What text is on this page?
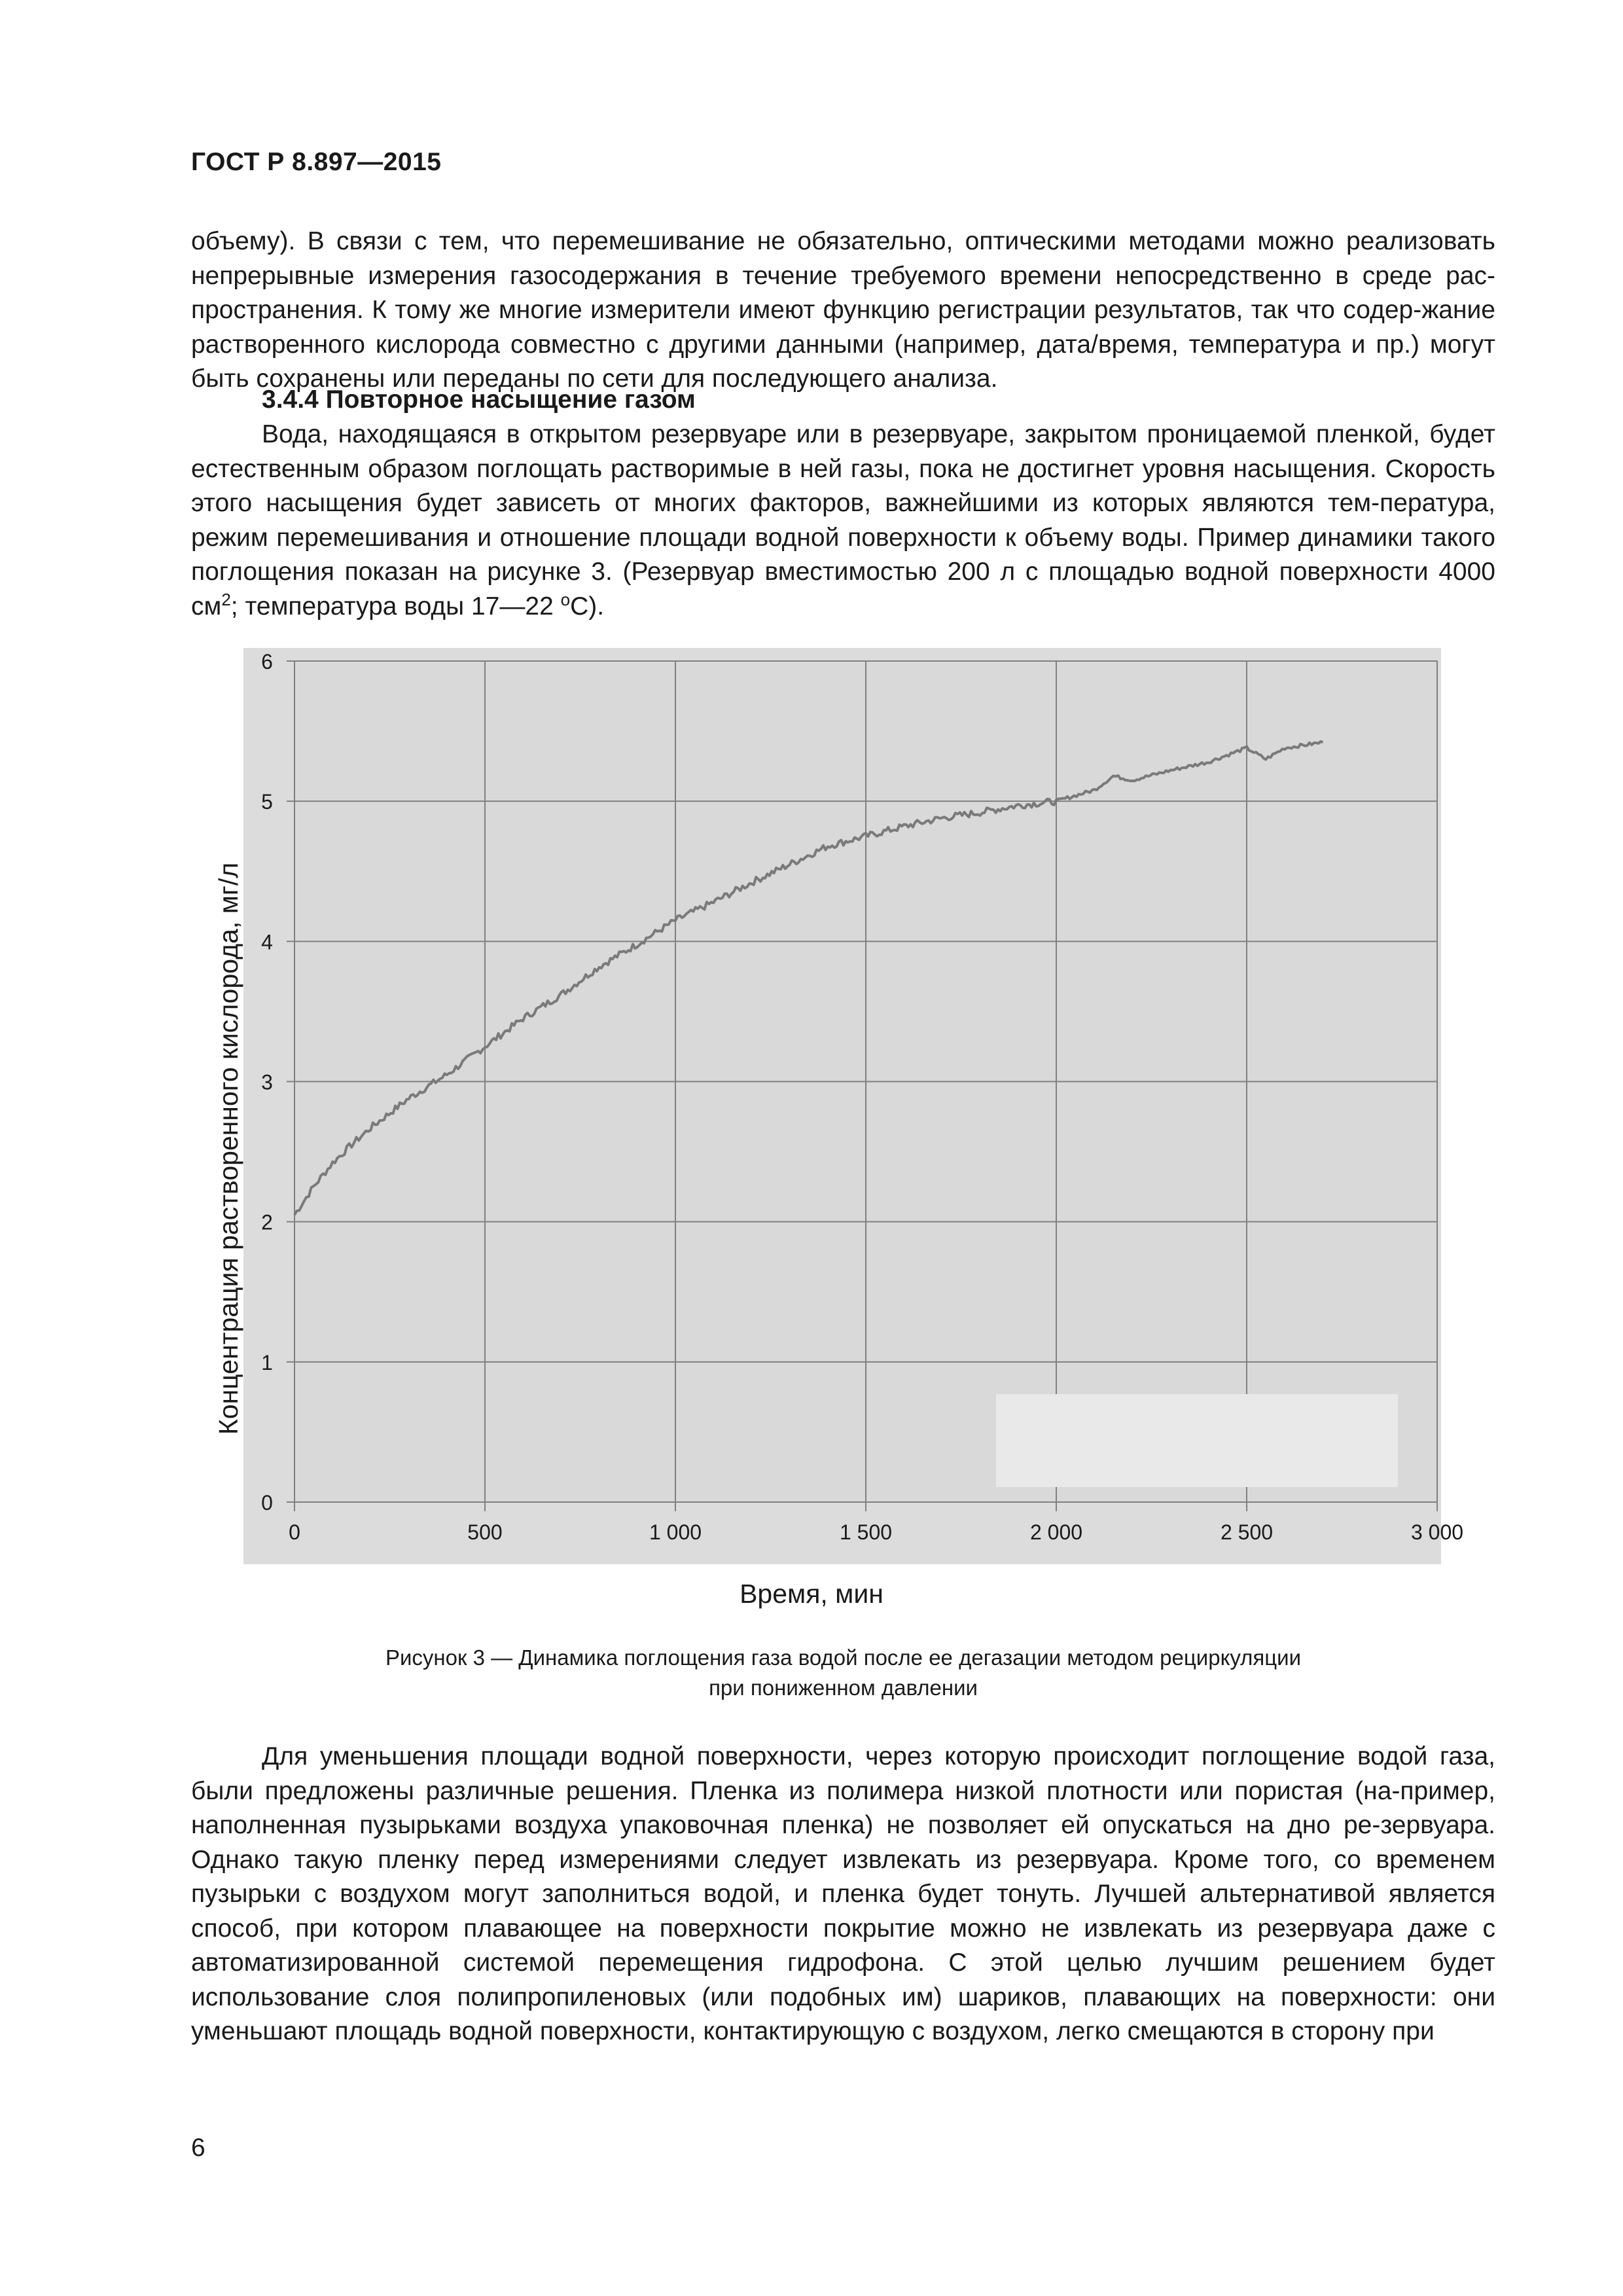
ГОСТ Р 8.897—2015

объему). В связи с тем, что перемешивание не обязательно, оптическими методами можно реализовать непрерывные измерения газосодержания в течение требуемого времени непосредственно в среде рас-пространения. К тому же многие измерители имеют функцию регистрации результатов, так что содер-жание растворенного кислорода совместно с другими данными (например, дата/время, температура и пр.) могут быть сохранены или переданы по сети для последующего анализа.

3.4.4 Повторное насыщение газом

Вода, находящаяся в открытом резервуаре или в резервуаре, закрытом проницаемой пленкой, будет естественным образом поглощать растворимые в ней газы, пока не достигнет уровня насыщения. Скорость этого насыщения будет зависеть от многих факторов, важнейшими из которых являются тем-пература, режим перемешивания и отношение площади водной поверхности к объему воды. Пример динамики такого поглощения показан на рисунке 3. (Резервуар вместимостью 200 л с площадью водной поверхности 4000 $см^2$; температура воды 17—22 $^о$С).

0
1
2
3
4
5
6
0	500	1 000	1 500	2 000	2 500	3 000
Концентрация растворенного кислорода, мг/л
Время, мин

Рисунок 3 — Динамика поглощения газа водой после ее дегазации методом рециркуляции
при пониженном давлении

Для уменьшения площади водной поверхности, через которую происходит поглощение водой газа, были предложены различные решения. Пленка из полимера низкой плотности или пористая (на-пример, наполненная пузырьками воздуха упаковочная пленка) не позволяет ей опускаться на дно ре-зервуара. Однако такую пленку перед измерениями следует извлекать из резервуара. Кроме того, со временем пузырьки с воздухом могут заполниться водой, и пленка будет тонуть. Лучшей альтернативой является способ, при котором плавающее на поверхности покрытие можно не извлекать из резервуара даже с автоматизированной системой перемещения гидрофона. С этой целью лучшим решением будет использование слоя полипропиленовых (или подобных им) шариков, плавающих на поверхности: они уменьшают площадь водной поверхности, контактирующую с воздухом, легко смещаются в сторону при

6
